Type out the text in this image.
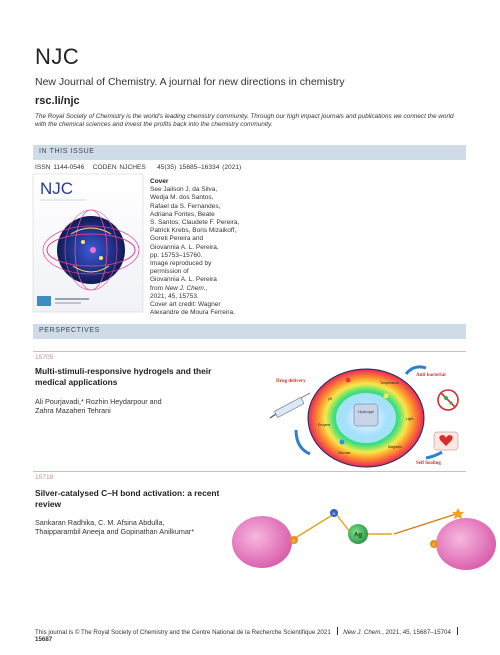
NJC
New Journal of Chemistry. A journal for new directions in chemistry
rsc.li/njc
The Royal Society of Chemistry is the world’s leading chemistry community. Through our high impact journals and publications we connect the world with the chemical sciences and invest the profits back into the chemistry community.
IN THIS ISSUE
ISSN 1144-0546 CODEN NJCHES 45(35) 15685–16334 (2021)
NJC	Cover
See Jailson J. da Silva,
Wedja M. dos Santos,
Rafael da S. Fernandes,
Adriana Fontes, Beate
S. Santos, Claudete F. Pereira,
Patrick Krebs, Boris Mizaikoff,
Goreti Pereira and
Giovannia A. L. Pereira,
pp. 15753–15760.
Image reproduced by
permission of
Giovannia A. L. Pereira
from New J. Chem.,
2021, 45, 15753.
Cover art credit: Wagner
Alexandre de Moura Ferreira.
PERSPECTIVES
15705
Multi-stimuli-responsive hydrogels and their
medical applications
Ali Pourjavadi,* Rozhin Heydarpour and
Zahra Mazaheri Tehrani	Hydrogel
Temperature
Light
Magnetic
pH
Enzyme
Glucose
Drug delivery
Anti bacterial
Self healing
15718
Silver-catalysed C–H bond activation: a recent
review
Sankaran Radhika, C. M. Afsina Abdulla,
Thaipparambil Aneeja and Gopinathan Anilkumar*
C
H
Ag
C
This journal is © The Royal Society of Chemistry and the Centre National de la Recherche Scientifique 2021 New J. Chem., 2021, 45, 15687–15704  15687
